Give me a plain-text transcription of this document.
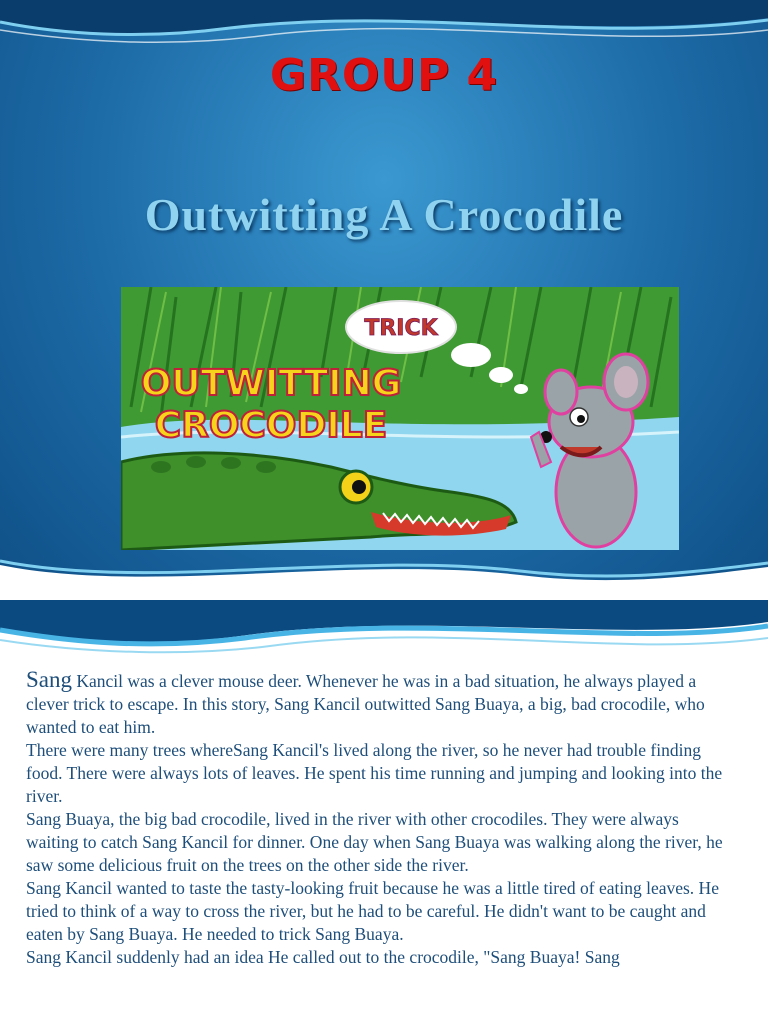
GROUP 4
Outwitting A Crocodile
TRICK
OUTWITTING
CROCODILE

Sang Kancil was a clever mouse deer. Whenever he was in a bad situation, he always played a clever trick to escape. In this story, Sang Kancil outwitted Sang Buaya, a big, bad crocodile, who wanted to eat him.

There were many trees whereSang Kancil's lived along the river, so he never had trouble finding food. There were always lots of leaves. He spent his time running and jumping and looking into the river.

Sang Buaya, the big bad crocodile, lived in the river with other crocodiles. They were always waiting to catch Sang Kancil for dinner. One day when Sang Buaya was walking along the river, he saw some delicious fruit on the trees on the other side the river.

Sang Kancil wanted to taste the tasty-looking fruit because he was a little tired of eating leaves. He tried to think of a way to cross the river, but he had to be careful. He didn't want to be caught and eaten by Sang Buaya. He needed to trick Sang Buaya.

Sang Kancil suddenly had an idea He called out to the crocodile, "Sang Buaya! Sang
